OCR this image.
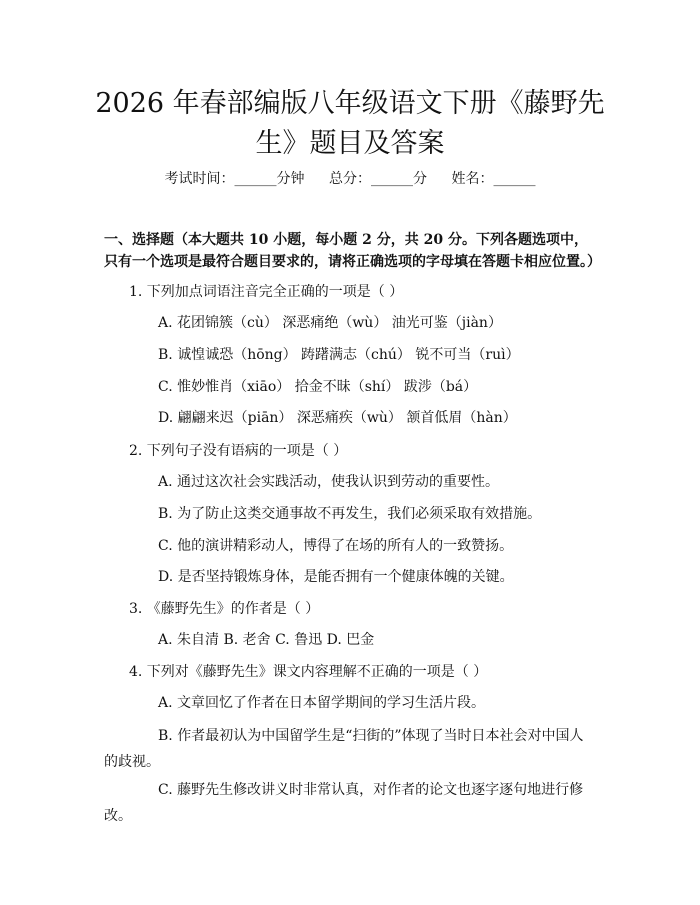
2026 年春部编版八年级语文下册《藤野先
生》题目及答案
考试时间：______分钟 总分：______分 姓名：______

一、选择题（本大题共 10 小题，每小题 2 分，共 20 分。下列各题选项中，只有一个选项是最符合题目要求的，请将正确选项的字母填在答题卡相应位置。）

1. 下列加点词语注音完全正确的一项是（ ）
A. 花团锦簇（cù） 深恶痛绝（wù） 油光可鉴（jiàn）
B. 诚惶诚恐（hōng） 踌躇满志（chú） 锐不可当（ruì）
C. 惟妙惟肖（xiāo） 拾金不昧（shí） 跋涉（bá）
D. 翩翩来迟（piān） 深恶痛疾（wù） 颔首低眉（hàn）
2. 下列句子没有语病的一项是（ ）
A. 通过这次社会实践活动，使我认识到劳动的重要性。
B. 为了防止这类交通事故不再发生，我们必须采取有效措施。
C. 他的演讲精彩动人，博得了在场的所有人的一致赞扬。
D. 是否坚持锻炼身体，是能否拥有一个健康体魄的关键。
3. 《藤野先生》的作者是（ ）
A. 朱自清 B. 老舍 C. 鲁迅 D. 巴金
4. 下列对《藤野先生》课文内容理解不正确的一项是（ ）
A. 文章回忆了作者在日本留学期间的学习生活片段。

B. 作者最初认为中国留学生是“扫街的”体现了当时日本社会对中国人的歧视。

C. 藤野先生修改讲义时非常认真，对作者的论文也逐字逐句地进行修改。
